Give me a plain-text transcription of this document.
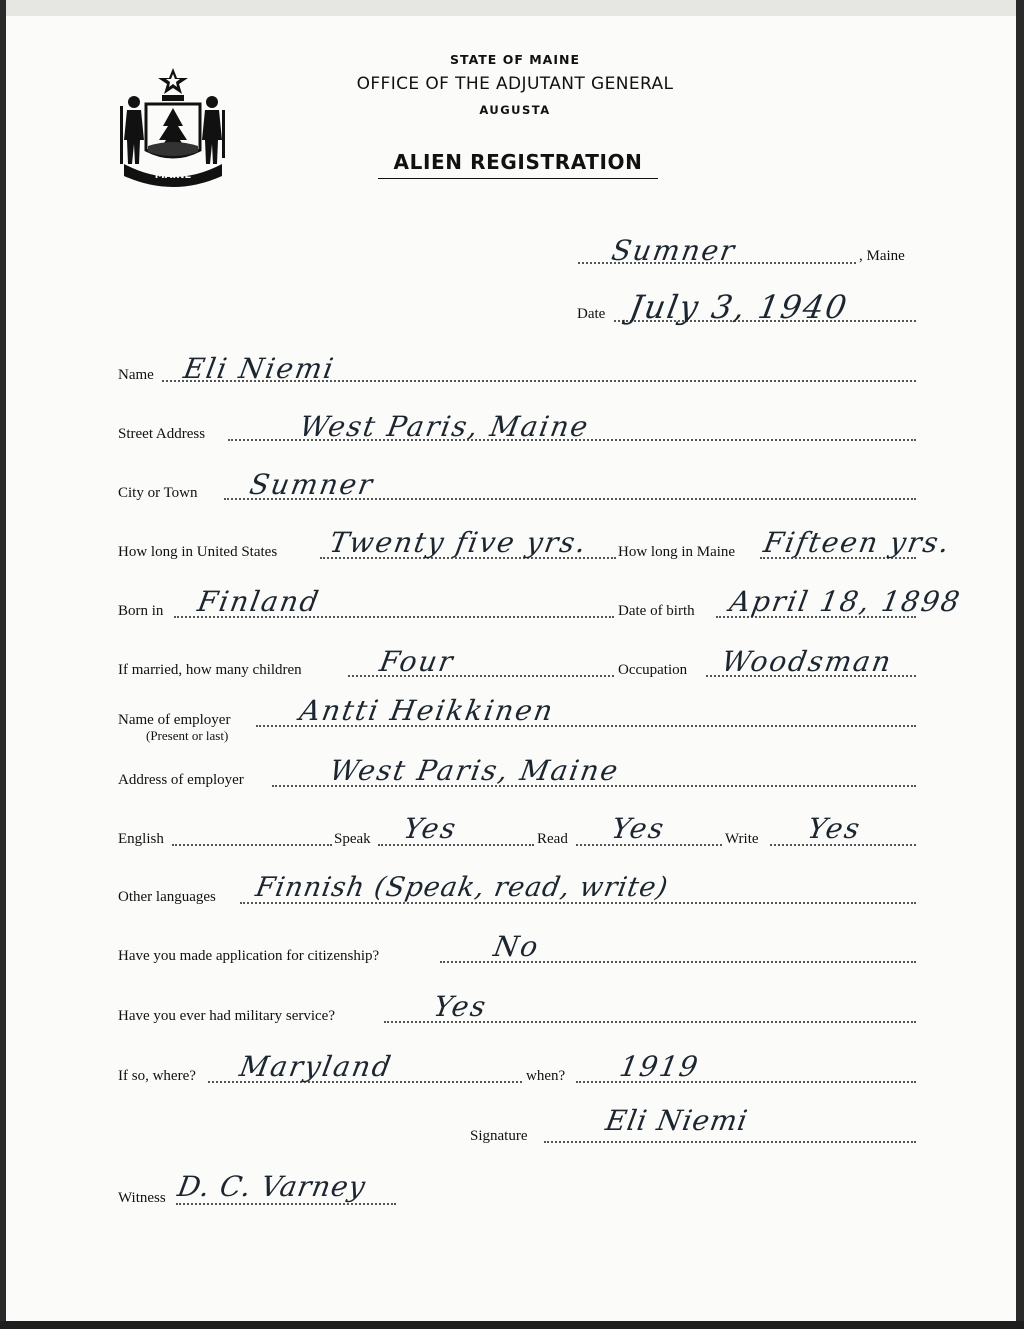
MAINE
STATE OF MAINE
OFFICE OF THE ADJUTANT GENERAL
AUGUSTA
ALIEN REGISTRATION
Sumner	, Maine
Date July 3, 1940
Name Eli Niemi
Street Address	West Paris, Maine
City or Town Sumner
How long in United States Twenty five yrs. How long in Maine Fifteen yrs.
Born in Finland	Date of birth April 18, 1898
If married, how many children	Four	Occupation Woodsman
Name of employer
(Present or last)
Antti Heikkinen
Address of employer	West Paris, Maine
English	Speak Yes	Read Yes	Write Yes
Other languages Finnish (Speak, read, write)
Have you made application for citizenship?	No
Have you ever had military service?	Yes
If so, where? Maryland	when? 1919
Signature	Eli Niemi
Witness D. C. Varney
